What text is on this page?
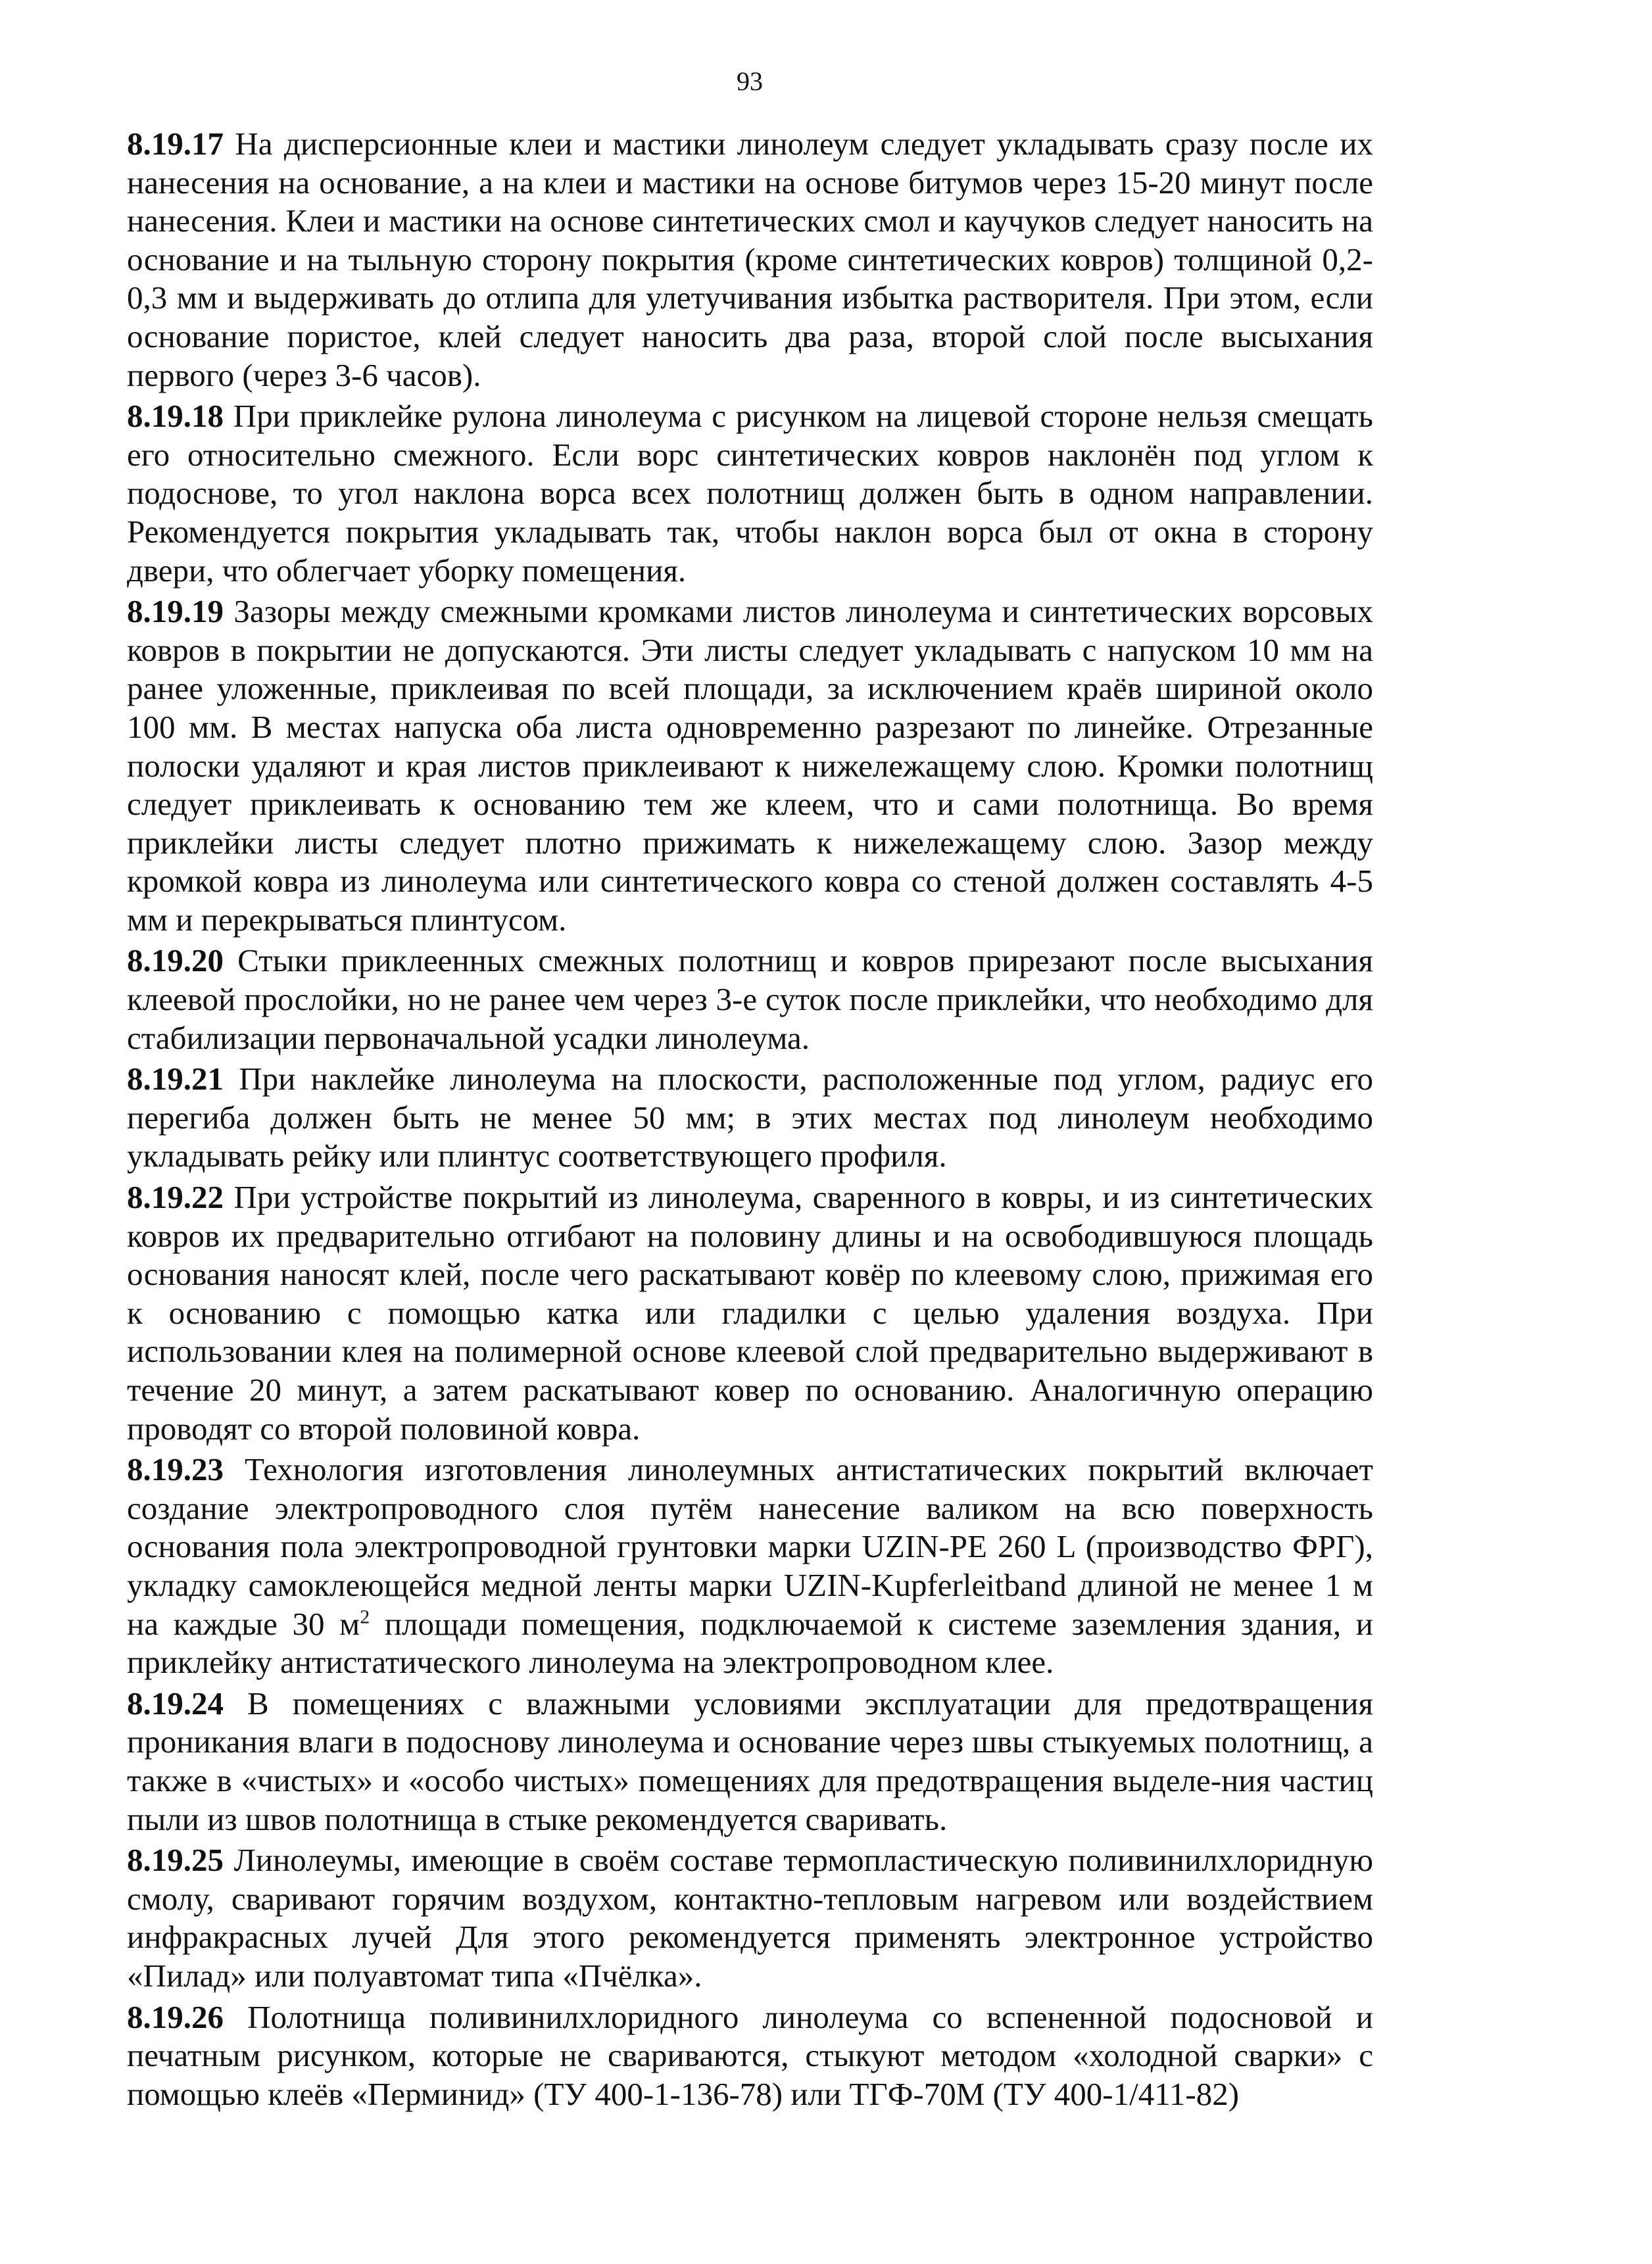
93

8.19.17 На дисперсионные клеи и мастики линолеум следует укладывать сразу после их нанесения на основание, а на клеи и мастики на основе битумов через 15-20 минут после нанесения. Клеи и мастики на основе синтетических смол и каучуков следует наносить на основание и на тыльную сторону покрытия (кроме синтетических ковров) толщиной 0,2-0,3 мм и выдерживать до отлипа для улетучивания избытка растворителя. При этом, если основание пористое, клей следует наносить два раза, второй слой после высыхания первого (через 3-6 часов).

8.19.18 При приклейке рулона линолеума с рисунком на лицевой стороне нельзя смещать его относительно смежного. Если ворс синтетических ковров наклонён под углом к подоснове, то угол наклона ворса всех полотнищ должен быть в одном направлении. Рекомендуется покрытия укладывать так, чтобы наклон ворса был от окна в сторону двери, что облегчает уборку помещения.

8.19.19 Зазоры между смежными кромками листов линолеума и синтетических ворсовых ковров в покрытии не допускаются. Эти листы следует укладывать с напуском 10 мм на ранее уложенные, приклеивая по всей площади, за исключением краёв шириной около 100 мм. В местах напуска оба листа одновременно разрезают по линейке. Отрезанные полоски удаляют и края листов приклеивают к нижележащему слою. Кромки полотнищ следует приклеивать к основанию тем же клеем, что и сами полотнища. Во время приклейки листы следует плотно прижимать к нижележащему слою. Зазор между кромкой ковра из линолеума или синтетического ковра со стеной должен составлять 4-5 мм и перекрываться плинтусом.

8.19.20 Стыки приклеенных смежных полотнищ и ковров прирезают после высыхания клеевой прослойки, но не ранее чем через 3-е суток после приклейки, что необходимо для стабилизации первоначальной усадки линолеума.

8.19.21 При наклейке линолеума на плоскости, расположенные под углом, радиус его перегиба должен быть не менее 50 мм; в этих местах под линолеум необходимо укладывать рейку или плинтус соответствующего профиля.

8.19.22 При устройстве покрытий из линолеума, сваренного в ковры, и из синтетических ковров их предварительно отгибают на половину длины и на освободившуюся площадь основания наносят клей, после чего раскатывают ковёр по клеевому слою, прижимая его к основанию с помощью катка или гладилки с целью удаления воздуха. При использовании клея на полимерной основе клеевой слой предварительно выдерживают в течение 20 минут, а затем раскатывают ковер по основанию. Аналогичную операцию проводят со второй половиной ковра.

8.19.23 Технология изготовления линолеумных антистатических покрытий включает создание электропроводного слоя путём нанесение валиком на всю поверхность основания пола электропроводной грунтовки марки UZIN-PE 260 L (производство ФРГ), укладку самоклеющейся медной ленты марки UZIN-Kupferleitband длиной не менее 1 м на каждые 30 $м^2$ площади помещения, подключаемой к системе заземления здания, и приклейку антистатического линолеума на электропроводном клее.

8.19.24 В помещениях с влажными условиями эксплуатации для предотвращения проникания влаги в подоснову линолеума и основание через швы стыкуемых полотнищ, а также в «чистых» и «особо чистых» помещениях для предотвращения выделе-ния частиц пыли из швов полотнища в стыке рекомендуется сваривать.

8.19.25 Линолеумы, имеющие в своём составе термопластическую поливинилхлоридную смолу, сваривают горячим воздухом, контактно-тепловым нагревом или воздействием инфракрасных лучей Для этого рекомендуется применять электронное устройство «Пилад» или полуавтомат типа «Пчёлка».

8.19.26 Полотнища поливинилхлоридного линолеума со вспененной подосновой и печатным рисунком, которые не свариваются, стыкуют методом «холодной сварки» с помощью клеёв «Перминид» (ТУ 400-1-136-78) или ТГФ-70М (ТУ 400-1/411-82)
